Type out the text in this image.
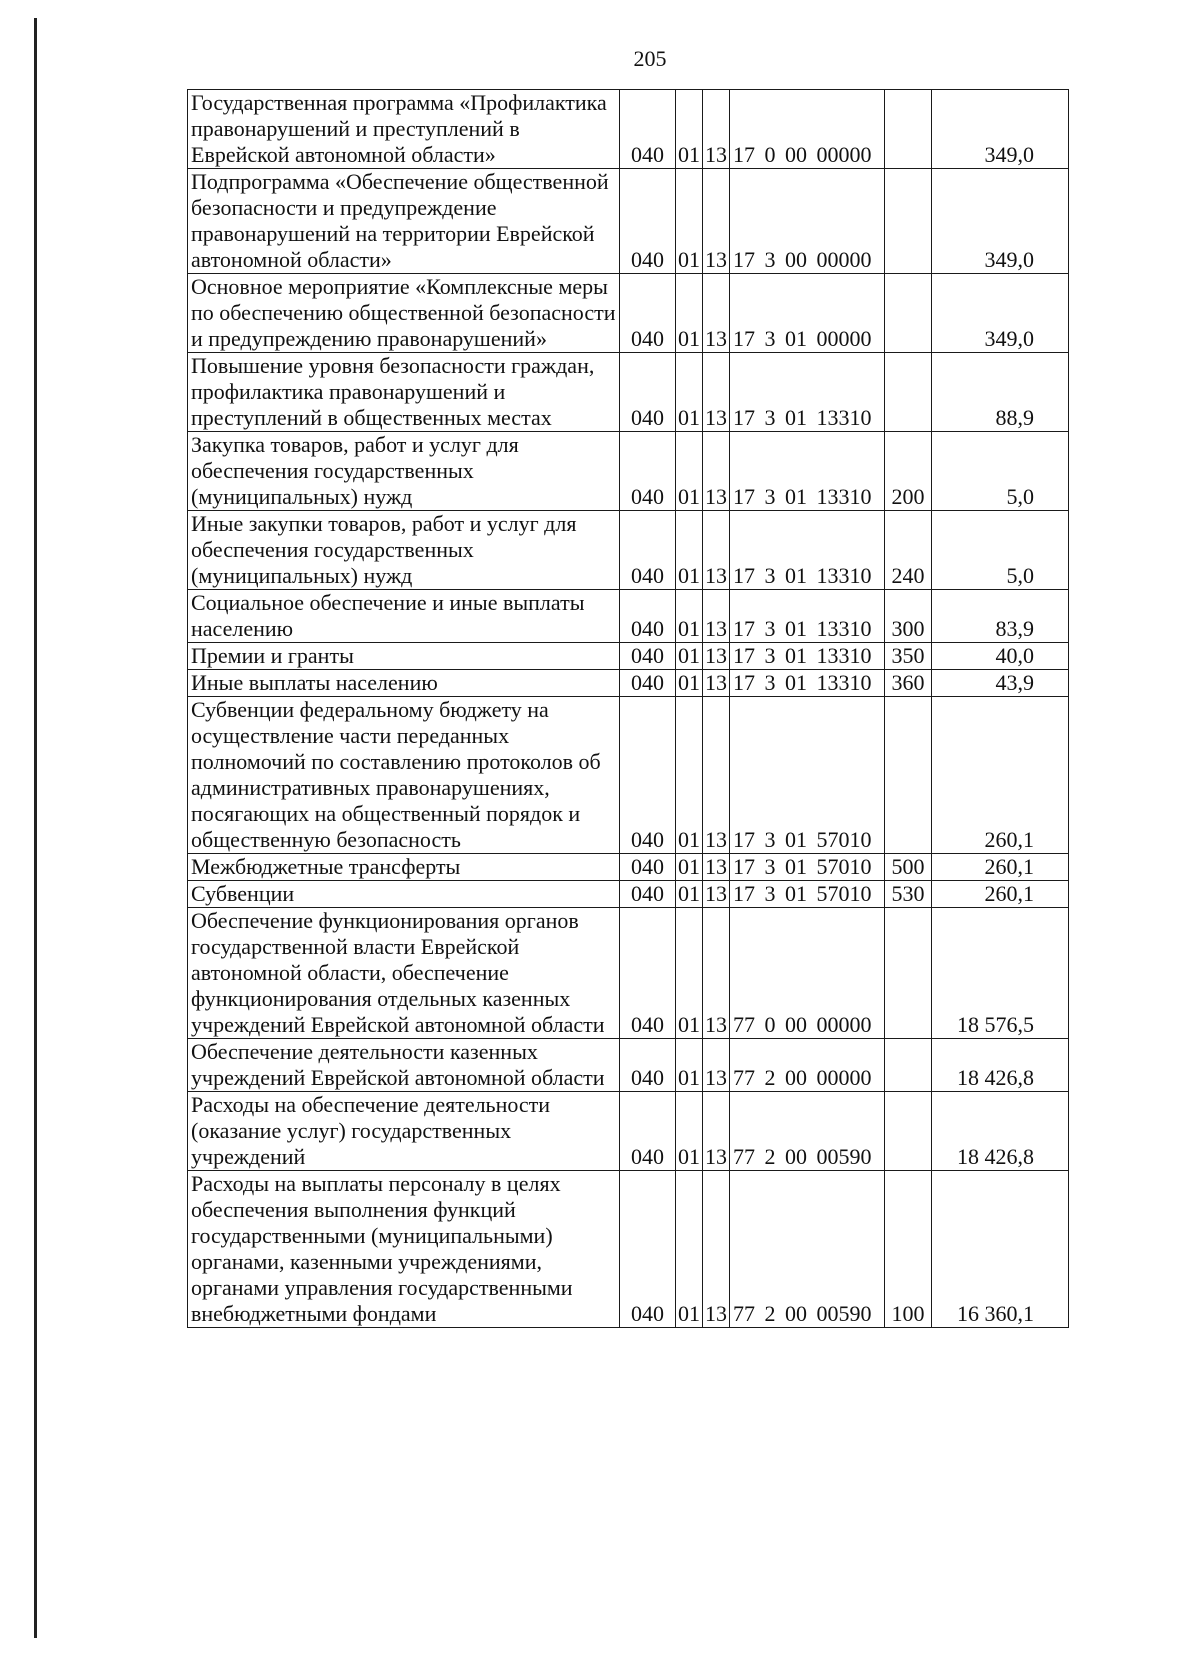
205
Государственная программа «Профилактика правонарушений и преступлений в Еврейской автономной области»	040	01	13	17 0 00 00000		349,0
Подпрограмма «Обеспечение общественной безопасности и предупреждение правонарушений на территории Еврейской автономной области»	040	01	13	17 3 00 00000		349,0
Основное мероприятие «Комплексные меры по обеспечению общественной безопасности и предупреждению правонарушений»	040	01	13	17 3 01 00000		349,0
Повышение уровня безопасности граждан, профилактика правонарушений и преступлений в общественных местах	040	01	13	17 3 01 13310		88,9
Закупка товаров, работ и услуг для обеспечения государственных (муниципальных) нужд	040	01	13	17 3 01 13310	200	5,0
Иные закупки товаров, работ и услуг для обеспечения государственных (муниципальных) нужд	040	01	13	17 3 01 13310	240	5,0
Социальное обеспечение и иные выплаты населению	040	01	13	17 3 01 13310	300	83,9
Премии и гранты	040	01	13	17 3 01 13310	350	40,0
Иные выплаты населению	040	01	13	17 3 01 13310	360	43,9
Субвенции федеральному бюджету на осуществление части переданных полномочий по составлению протоколов об административных правонарушениях, посягающих на общественный порядок и общественную безопасность	040	01	13	17 3 01 57010		260,1
Межбюджетные трансферты	040	01	13	17 3 01 57010	500	260,1
Субвенции	040	01	13	17 3 01 57010	530	260,1
Обеспечение функционирования органов государственной власти Еврейской автономной области, обеспечение функционирования отдельных казенных учреждений Еврейской автономной области	040	01	13	77 0 00 00000		18 576,5
Обеспечение деятельности казенных учреждений Еврейской автономной области	040	01	13	77 2 00 00000		18 426,8
Расходы на обеспечение деятельности (оказание услуг) государственных учреждений	040	01	13	77 2 00 00590		18 426,8
Расходы на выплаты персоналу в целях обеспечения выполнения функций государственными (муниципальными) органами, казенными учреждениями, органами управления государственными внебюджетными фондами	040	01	13	77 2 00 00590	100	16 360,1
